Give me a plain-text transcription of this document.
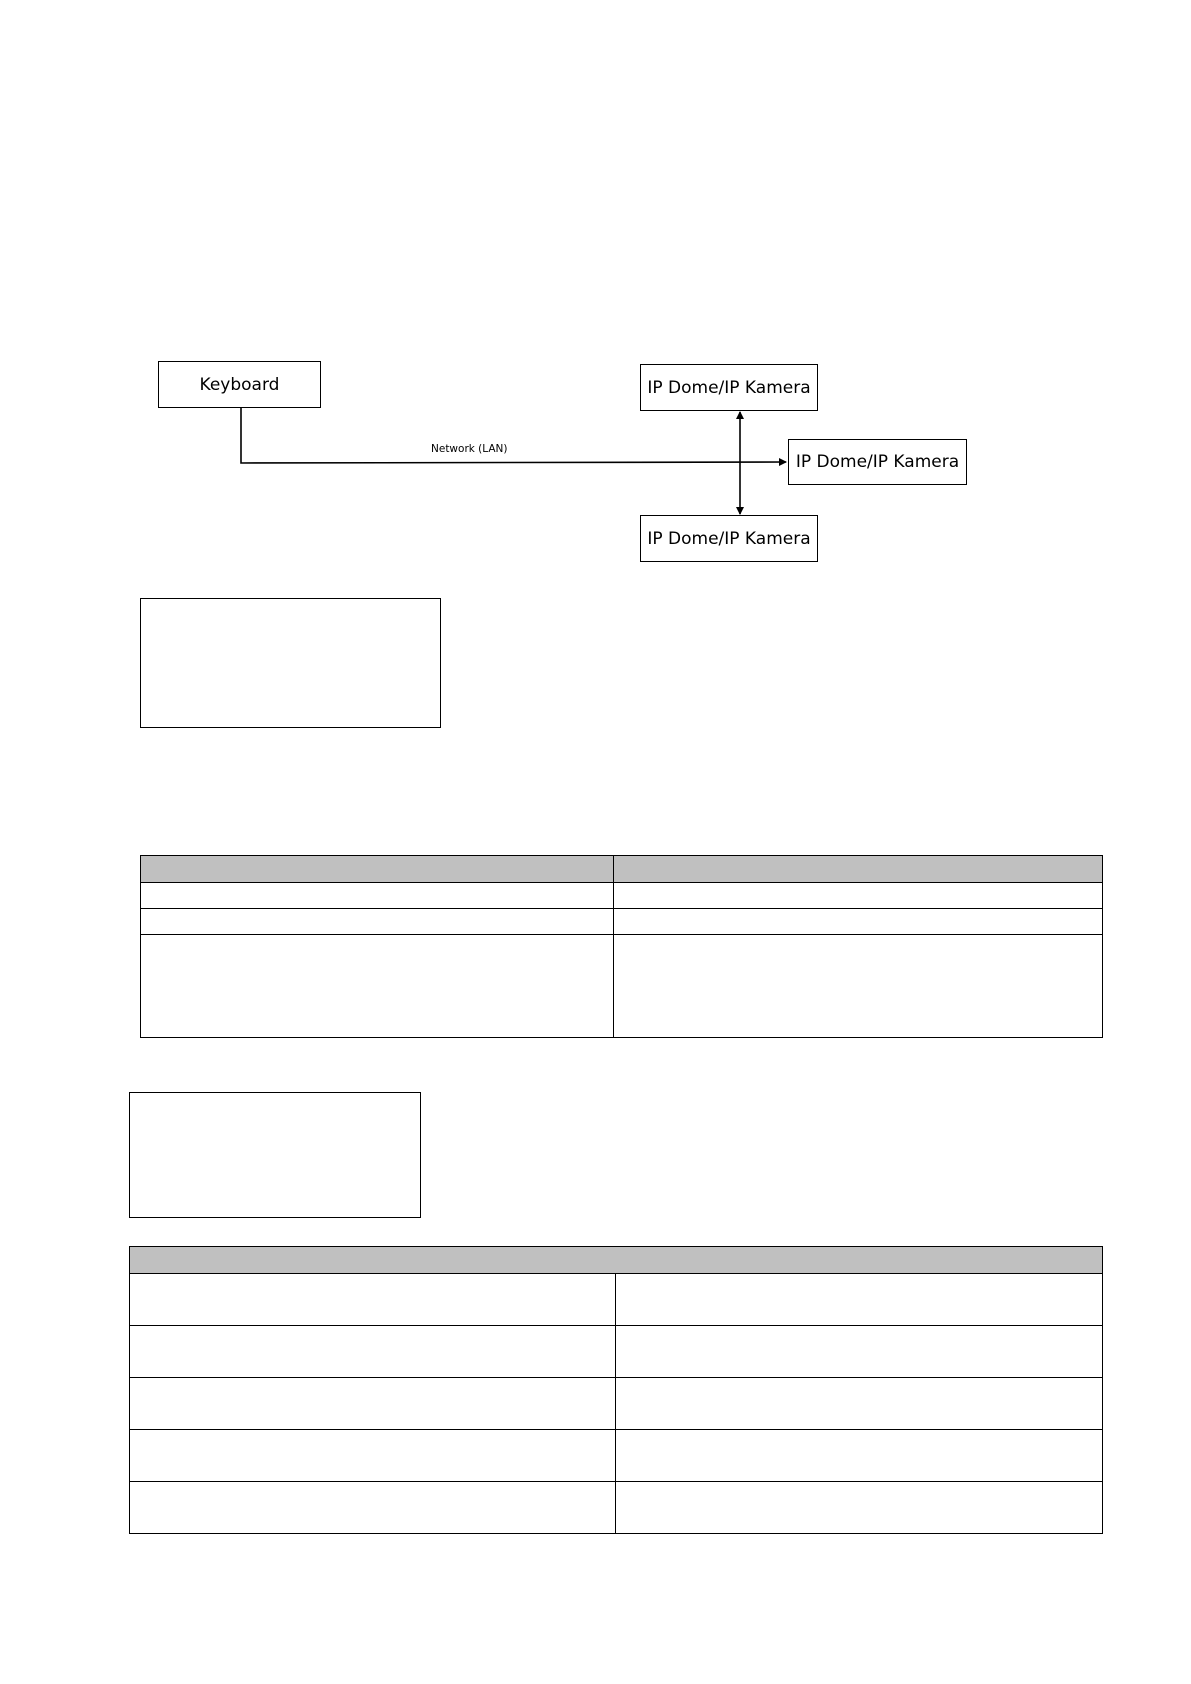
Keyboard	IP Dome/IP Kamera
IP Dome/IP Kamera
IP Dome/IP Kamera
Network (LAN)
